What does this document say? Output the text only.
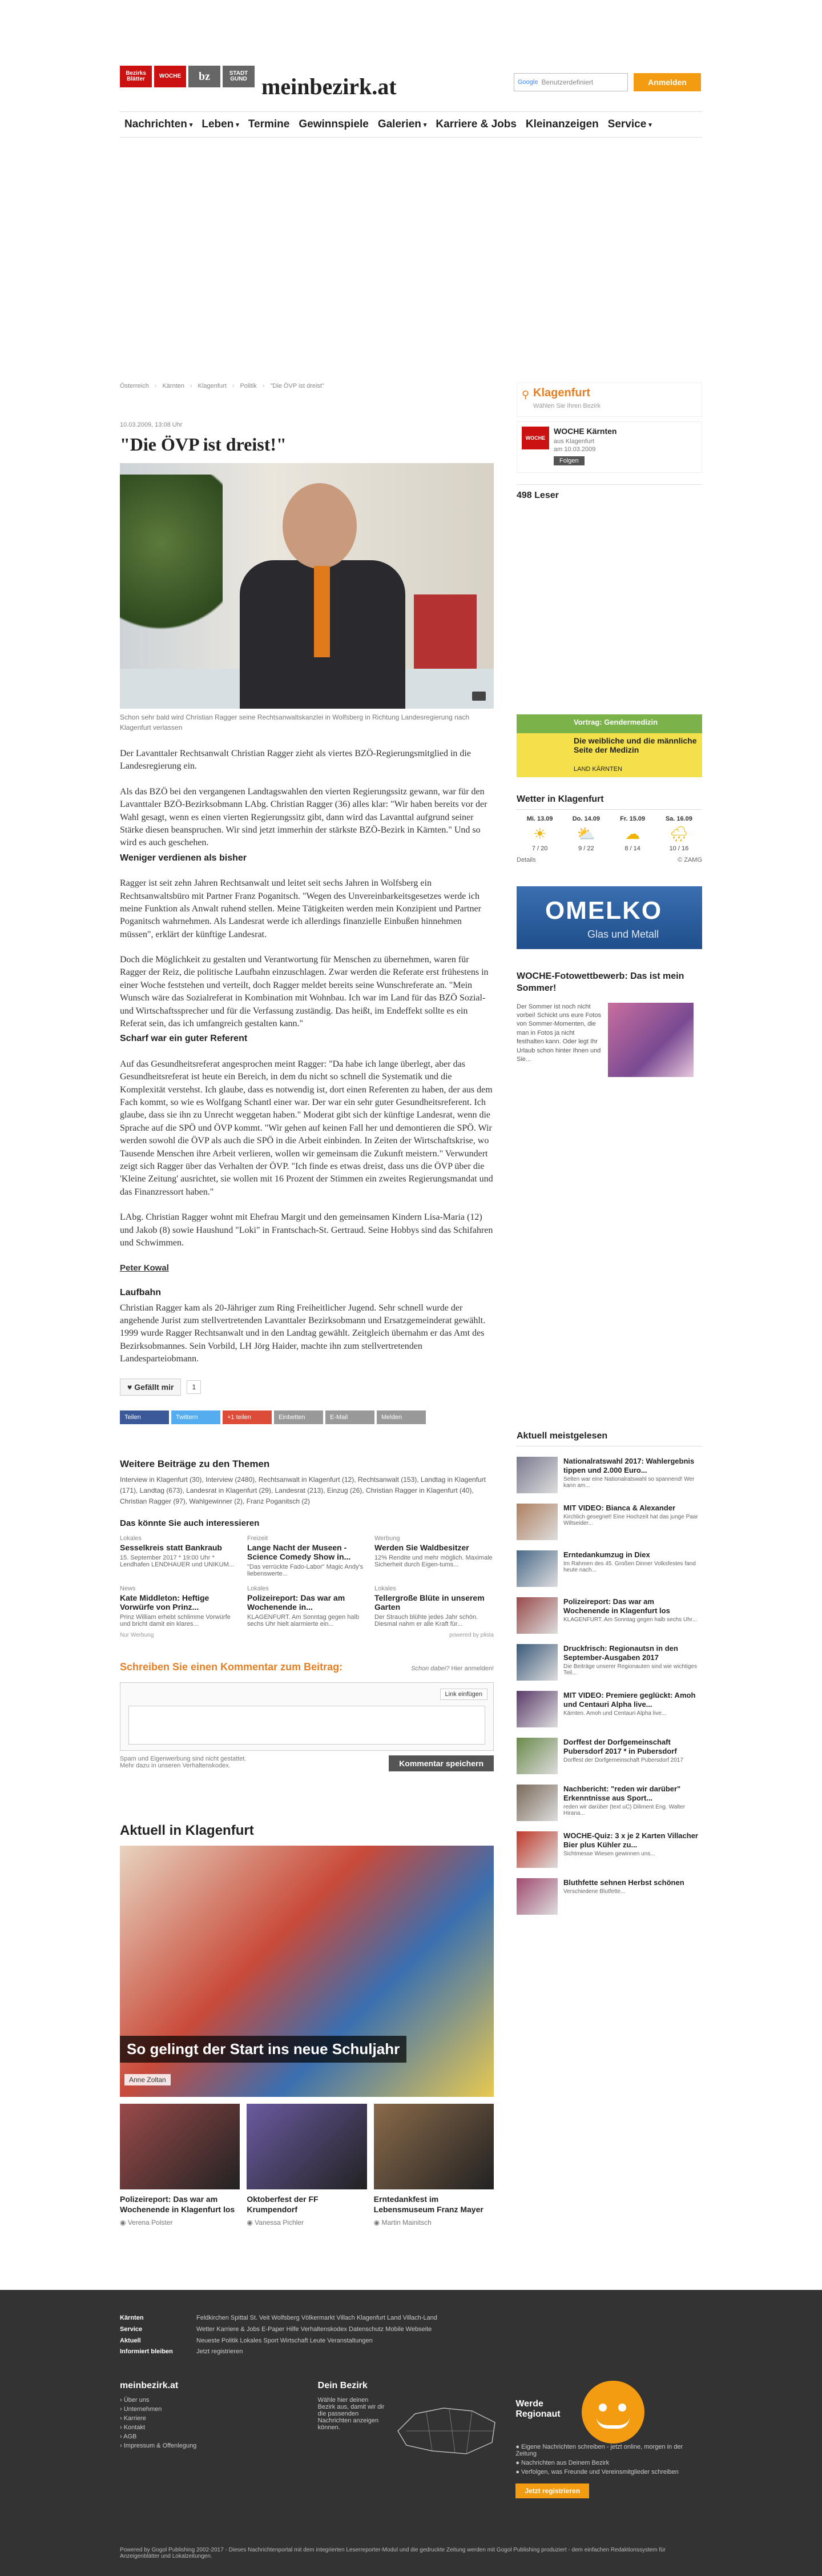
Bezirks Blätter	WOCHE	bz	STADT GUND meinbezirk.at	Google Benutzerdefiniert	Anmelden
Nachrichten ▾ Leben ▾ Termine Gewinnspiele Galerien ▾ Karriere & Jobs Kleinanzeigen Service ▾
Österreich › Kärnten › Klagenfurt › Politik › "Die ÖVP ist dreist"
10.03.2009, 13:08 Uhr
"Die ÖVP ist dreist!"
Schon sehr bald wird Christian Ragger seine Rechtsanwaltskanzlei in Wolfsberg in Richtung Landesregierung nach Klagenfurt verlassen

Der Lavanttaler Rechtsanwalt Christian Ragger zieht als viertes BZÖ-Regierungsmitglied in die Landesregierung ein.

Als das BZÖ bei den vergangenen Landtagswahlen den vierten Regierungssitz gewann, war für den Lavanttaler BZÖ-Bezirksobmann LAbg. Christian Ragger (36) alles klar: "Wir haben bereits vor der Wahl gesagt, wenn es einen vierten Regierungssitz gibt, dann wird das Lavanttal aufgrund seiner Stärke diesen beanspruchen. Wir sind jetzt immerhin der stärkste BZÖ-Bezirk in Kärnten." Und so wird es auch geschehen.

Weniger verdienen als bisher

Ragger ist seit zehn Jahren Rechtsanwalt und leitet seit sechs Jahren in Wolfsberg ein Rechtsanwaltsbüro mit Partner Franz Poganitsch. "Wegen des Unvereinbarkeitsgesetzes werde ich meine Funktion als Anwalt ruhend stellen. Meine Tätigkeiten werden mein Konzipient und Partner Poganitsch wahrnehmen. Als Landesrat werde ich allerdings finanzielle Einbußen hinnehmen müssen", erklärt der künftige Landesrat.

Doch die Möglichkeit zu gestalten und Verantwortung für Menschen zu übernehmen, waren für Ragger der Reiz, die politische Laufbahn einzuschlagen. Zwar werden die Referate erst frühestens in einer Woche feststehen und verteilt, doch Ragger meldet bereits seine Wunschreferate an. "Mein Wunsch wäre das Sozialreferat in Kombination mit Wohnbau. Ich war im Land für das BZÖ Sozial- und Wirtschaftssprecher und für die Verfassung zuständig. Das heißt, im Endeffekt sollte es ein Referat sein, das ich umfangreich gestalten kann."

Scharf war ein guter Referent

Auf das Gesundheitsreferat angesprochen meint Ragger: "Da habe ich lange überlegt, aber das Gesundheitsreferat ist heute ein Bereich, in dem du nicht so schnell die Systematik und die Komplexität verstehst. Ich glaube, dass es notwendig ist, dort einen Referenten zu haben, der aus dem Fach kommt, so wie es Wolfgang Schantl einer war. Der war ein sehr guter Gesundheitsreferent. Ich glaube, dass sie ihn zu Unrecht weggetan haben." Moderat gibt sich der künftige Landesrat, wenn die Sprache auf die SPÖ und ÖVP kommt. "Wir gehen auf keinen Fall her und demontieren die SPÖ. Wir werden sowohl die ÖVP als auch die SPÖ in die Arbeit einbinden. In Zeiten der Wirtschaftskrise, wo Tausende Menschen ihre Arbeit verlieren, wollen wir gemeinsam die Zukunft meistern." Verwundert zeigt sich Ragger über das Verhalten der ÖVP. "Ich finde es etwas dreist, dass uns die ÖVP über die 'Kleine Zeitung' ausrichtet, sie wollen mit 16 Prozent der Stimmen ein zweites Regierungsmandat und das Finanzressort haben."

LAbg. Christian Ragger wohnt mit Ehefrau Margit und den gemeinsamen Kindern Lisa-Maria (12) und Jakob (8) sowie Haushund "Loki" in Frantschach-St. Gertraud. Seine Hobbys sind das Schifahren und Schwimmen.

Peter Kowal
Laufbahn

Christian Ragger kam als 20-Jähriger zum Ring Freiheitlicher Jugend. Sehr schnell wurde der angehende Jurist zum stellvertretenden Lavanttaler Bezirksobmann und Ersatzgemeinderat gewählt. 1999 wurde Ragger Rechtsanwalt und in den Landtag gewählt. Zeitgleich übernahm er das Amt des Bezirksobmannes. Sein Vorbild, LH Jörg Haider, machte ihn zum stellvertretenden Landesparteiobmann.

♥ Gefällt mir	1
Teilen	Twittern	+1 teilen	Einbetten	E-Mail	Melden
Weitere Beiträge zu den Themen
Interview in Klagenfurt (30), Interview (2480), Rechtsanwalt in Klagenfurt (12), Rechtsanwalt (153), Landtag in Klagenfurt (171), Landtag (673), Landesrat in Klagenfurt (29), Landesrat (213), Einzug (26), Christian Ragger in Klagenfurt (40), Christian Ragger (97), Wahlgewinner (2), Franz Poganitsch (2)
Das könnte Sie auch interessieren
Lokales
Sesselkreis statt Bankraub
15. September 2017 * 19:00 Uhr * Lendhafen LENDHAUER und UNIKUM...
Freizeit
Lange Nacht der Museen - Science Comedy Show in...
"Das verrückte Fado-Labor" Magic Andy's liebenswerte...
Werbung
Werden Sie Waldbesitzer
12% Rendite und mehr möglich. Maximale Sicherheit durch Eigen-tums...
News
Kate Middleton: Heftige Vorwürfe von Prinz...
Prinz William erhebt schlimme Vorwürfe und bricht damit ein klares...
Lokales
Polizeireport: Das war am Wochenende in...
KLAGENFURT. Am Sonntag gegen halb sechs Uhr hielt alarmierte ein...
Lokales
Tellergroße Blüte in unserem Garten
Der Strauch blühte jedes Jahr schön. Diesmal nahm er alle Kraft für...
Nur Werbung	powered by plista
Schreiben Sie einen Kommentar zum Beitrag:	Schon dabei? Hier anmelden!
Link einfügen
Spam und Eigenwerbung sind nicht gestattet.
Mehr dazu in unseren Verhaltenskodex.	Kommentar speichern
Aktuell in Klagenfurt
So gelingt der Start ins neue Schuljahr
Anne Zoltan
Polizeireport: Das war am Wochenende in Klagenfurt los
◉ Verena Polster
Oktoberfest der FF Krumpendorf
◉ Vanessa Pichler
Erntedankfest im Lebensmuseum Franz Mayer
◉ Martin Mainitsch
⚲ Klagenfurt
Wählen Sie Ihren Bezirk
WOCHE
WOCHE Kärnten
aus Klagenfurt
am 10.03.2009
Folgen
498 Leser
Vortrag: Gendermedizin
Die weibliche und die männliche Seite der Medizin
LAND KÄRNTEN
Wetter in Klagenfurt
Mi. 13.09
☀
7 / 20
Do. 14.09
⛅
9 / 22
Fr. 15.09
☁
8 / 14
Sa. 16.09
🌧
10 / 16
Details	© ZAMG
OMELKO
Glas und Metall
WOCHE-Fotowettbewerb: Das ist mein Sommer!
Der Sommer ist noch nicht vorbei! Schickt uns eure Fotos von Sommer-Momenten, die man in Fotos ja nicht festhalten kann. Oder legt Ihr Urlaub schon hinter Ihnen und Sie...
Aktuell meistgelesen
Nationalratswahl 2017: Wahlergebnis tippen und 2.000 Euro...
Selten war eine Nationalratswahl so spannend! Wer kann am...
MIT VIDEO: Bianca & Alexander
Kirchlich gesegnet! Eine Hochzeit hat das junge Paar Wiltseider...
Erntedankumzug in Diex
Im Rahmen des 45. Großen Dinner Volksfestes fand heute nach...
Polizeireport: Das war am Wochenende in Klagenfurt los
KLAGENFURT. Am Sonntag gegen halb sechs Uhr...
Druckfrisch: Regionautsn in den September-Ausgaben 2017
Die Beiträge unserer Regionauten sind wie wichtiges Teil...
MIT VIDEO: Premiere geglückt: Amoh und Centauri Alpha live...
Kärnten. Amoh und Centauri Alpha live...
Dorffest der Dorfgemeinschaft Pubersdorf 2017 * in Pubersdorf
Dorffest der Dorfgemeinschaft Pubersdorf 2017
Nachbericht: "reden wir darüber" Erkenntnisse aus Sport...
reden wir darüber (text uC) Diliment Eng. Walter Hirana...
WOCHE-Quiz: 3 x je 2 Karten Villacher Bier plus Kühler zu...
Sichtmesse Wiesen gewinnen uns...
Bluthfette sehnen Herbst schönen
Verschiedene Blutfette...
Kärnten	Feldkirchen Spittal St. Veit Wolfsberg Völkermarkt Villach Klagenfurt Land Villach-Land
Service	Wetter Karriere & Jobs E-Paper Hilfe Verhaltenskodex Datenschutz Mobile Webseite
Aktuell	Neueste Politik Lokales Sport Wirtschaft Leute Veranstaltungen
Informiert bleiben	Jetzt registrieren
meinbezirk.at
› Über uns
› Unternehmen
› Karriere
› Kontakt
› AGB
› Impressum & Offenlegung
Dein Bezirk
Wähle hier deinen Bezirk aus, damit wir dir die passenden Nachrichten anzeigen können.
Werde Regionaut
● Eigene Nachrichten schreiben - jetzt online, morgen in der Zeitung
● Nachrichten aus Deinem Bezirk
● Verfolgen, was Freunde und Vereinsmitglieder schreiben
Jetzt registrieren
Powered by Gogol Publishing 2002-2017 - Dieses Nachrichtenportal mit dem integrierten Leserreporter-Modul und die gedruckte Zeitung werden mit Gogol Publishing produziert - dem einfachen Redaktionssystem für Anzeigenblätter und Lokalzeitungen.
